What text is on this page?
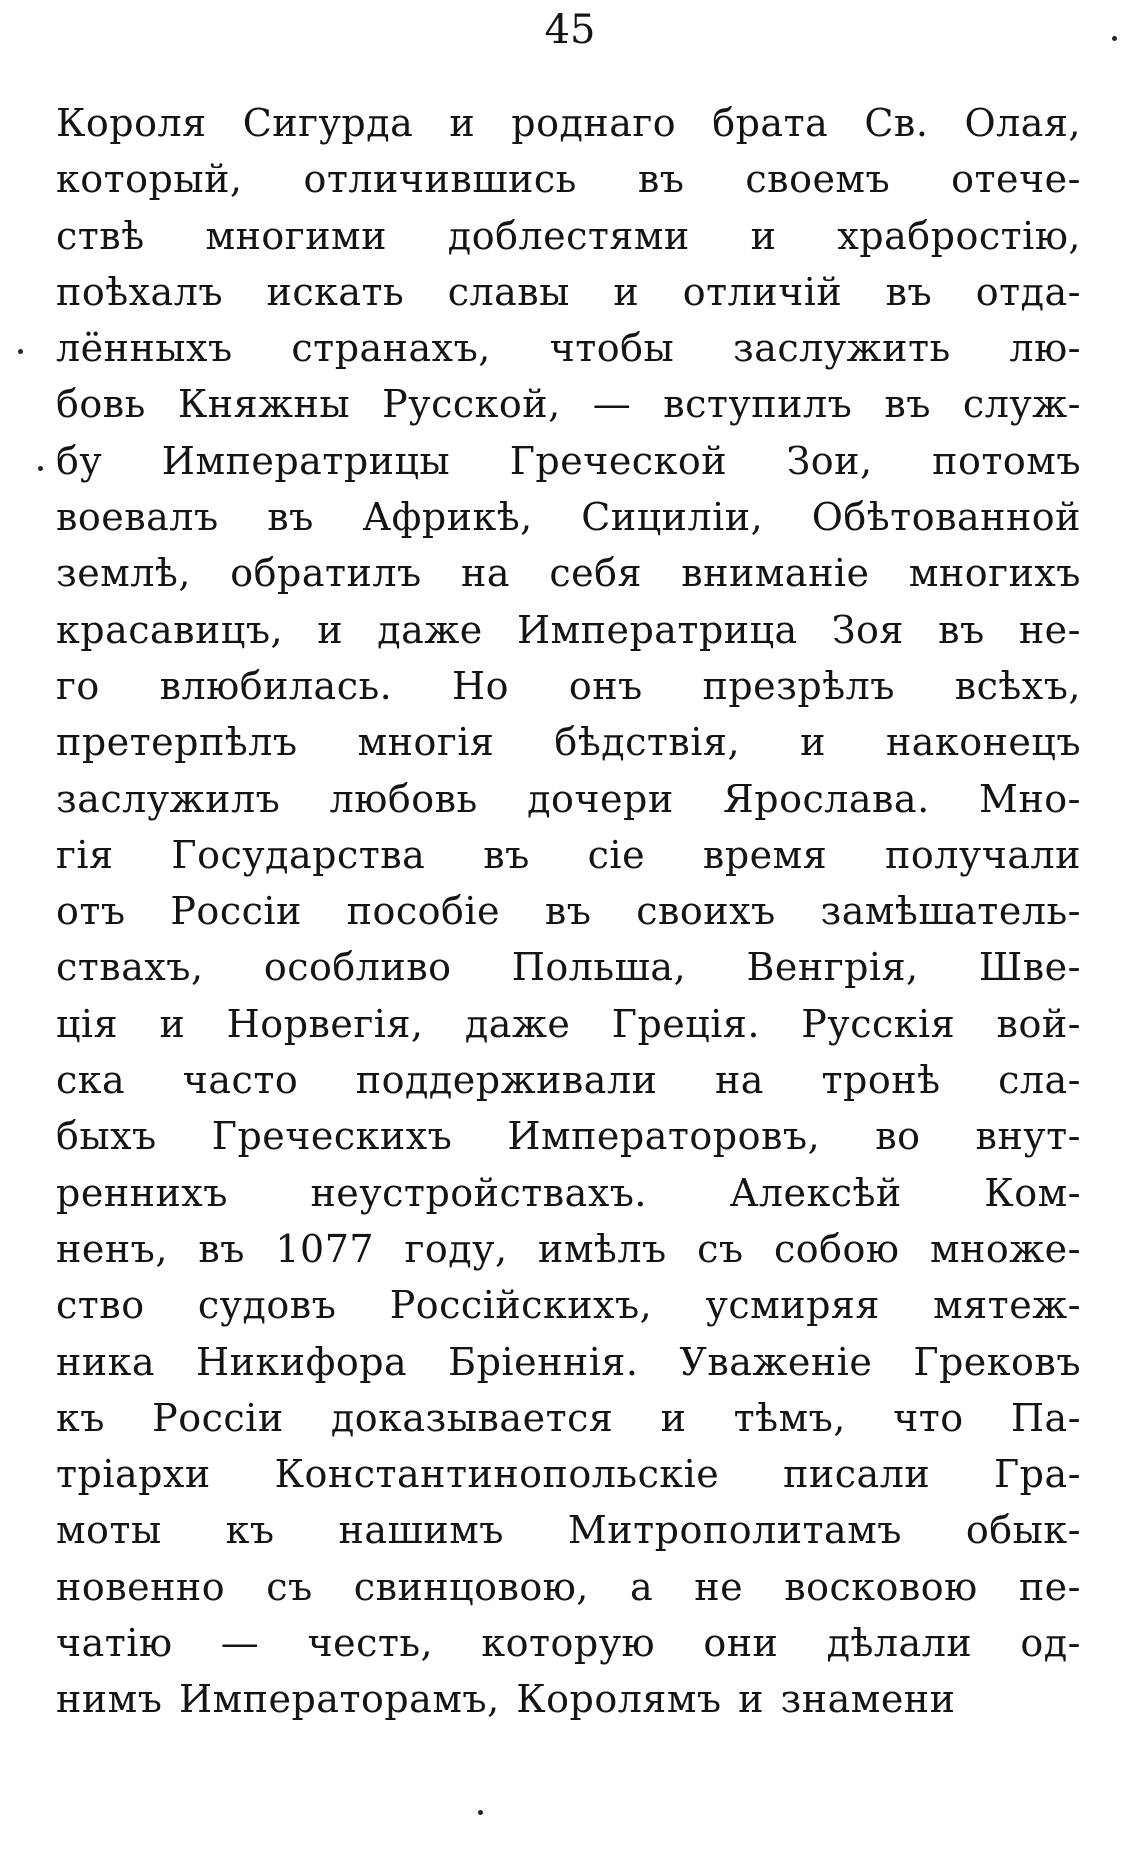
45
Короля Сигурда и роднаго брата Св. Олая,
который, отличившись въ своемъ отече-
ствѣ многими доблестями и храбростію,
поѣхалъ искать славы и отличій въ отда-
лённыхъ странахъ, чтобы заслужить лю-
бовь Княжны Русской, — вступилъ въ служ-
бу Императрицы Греческой Зои, потомъ
воевалъ въ Африкѣ, Сициліи, Обѣтованной
землѣ, обратилъ на себя вниманіе многихъ
красавицъ, и даже Императрица Зоя въ не-
го влюбилась. Но онъ презрѣлъ всѣхъ,
претерпѣлъ многія бѣдствія, и наконецъ
заслужилъ любовь дочери Ярослава. Мно-
гія Государства въ сіе время получали
отъ Россіи пособіе въ своихъ замѣшатель-
ствахъ, особливо Польша, Венгрія, Шве-
ція и Норвегія, даже Греція. Русскія вой-
ска часто поддерживали на тронѣ сла-
быхъ Греческихъ Императоровъ, во внут-
реннихъ неустройствахъ. Алексѣй Ком-
ненъ, въ 1077 году, имѣлъ съ собою множе-
ство судовъ Россійскихъ, усмиряя мятеж-
ника Никифора Бріеннія. Уваженіе Грековъ
къ Россіи доказывается и тѣмъ, что Па-
тріархи Константинопольскіе писали Гра-
моты къ нашимъ Митрополитамъ обык-
новенно съ свинцовою, а не восковою пе-
чатію — честь, которую они дѣлали од-
нимъ Императорамъ, Королямъ и знамени
